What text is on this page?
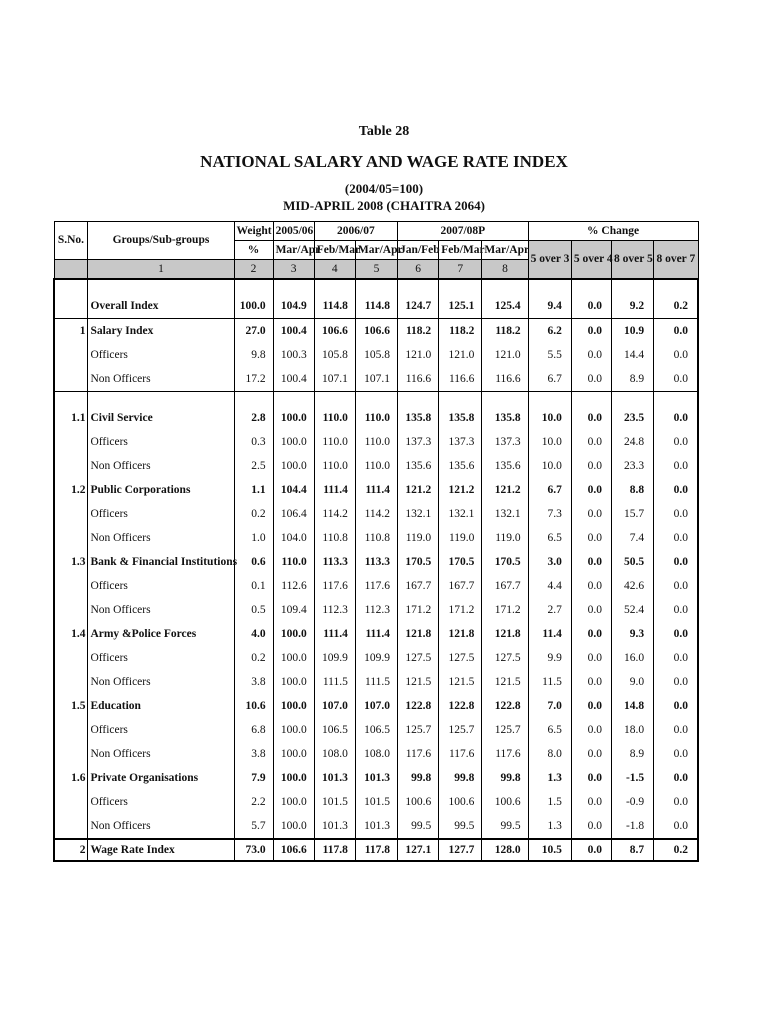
Table 28
NATIONAL SALARY AND WAGE RATE INDEX
(2004/05=100)
MID-APRIL 2008 (CHAITRA 2064)
S.No.	Groups/Sub-groups	Weight	2005/06	2006/07		2007/08P			% Change			
		%	Mar/Apr	Feb/Mar	Mar/Apr	Jan/Feb	Feb/Mar	Mar/Apr	5 over 3	5 over 4	8 over 5	8 over 7
	1	2	3	4	5	6	7	8				

	Overall Index	100.0	104.9	114.8	114.8	124.7	125.1	125.4	9.4	0.0	9.2	0.2
1	Salary Index	27.0	100.4	106.6	106.6	118.2	118.2	118.2	6.2	0.0	10.9	0.0
	Officers	9.8	100.3	105.8	105.8	121.0	121.0	121.0	5.5	0.0	14.4	0.0
	Non Officers	17.2	100.4	107.1	107.1	116.6	116.6	116.6	6.7	0.0	8.9	0.0

1.1	Civil Service	2.8	100.0	110.0	110.0	135.8	135.8	135.8	10.0	0.0	23.5	0.0
	Officers	0.3	100.0	110.0	110.0	137.3	137.3	137.3	10.0	0.0	24.8	0.0
	Non Officers	2.5	100.0	110.0	110.0	135.6	135.6	135.6	10.0	0.0	23.3	0.0
1.2	Public Corporations	1.1	104.4	111.4	111.4	121.2	121.2	121.2	6.7	0.0	8.8	0.0
	Officers	0.2	106.4	114.2	114.2	132.1	132.1	132.1	7.3	0.0	15.7	0.0
	Non Officers	1.0	104.0	110.8	110.8	119.0	119.0	119.0	6.5	0.0	7.4	0.0
1.3	Bank & Financial Institutions	0.6	110.0	113.3	113.3	170.5	170.5	170.5	3.0	0.0	50.5	0.0
	Officers	0.1	112.6	117.6	117.6	167.7	167.7	167.7	4.4	0.0	42.6	0.0
	Non Officers	0.5	109.4	112.3	112.3	171.2	171.2	171.2	2.7	0.0	52.4	0.0
1.4	Army &Police Forces	4.0	100.0	111.4	111.4	121.8	121.8	121.8	11.4	0.0	9.3	0.0
	Officers	0.2	100.0	109.9	109.9	127.5	127.5	127.5	9.9	0.0	16.0	0.0
	Non Officers	3.8	100.0	111.5	111.5	121.5	121.5	121.5	11.5	0.0	9.0	0.0
1.5	Education	10.6	100.0	107.0	107.0	122.8	122.8	122.8	7.0	0.0	14.8	0.0
	Officers	6.8	100.0	106.5	106.5	125.7	125.7	125.7	6.5	0.0	18.0	0.0
	Non Officers	3.8	100.0	108.0	108.0	117.6	117.6	117.6	8.0	0.0	8.9	0.0
1.6	Private Organisations	7.9	100.0	101.3	101.3	99.8	99.8	99.8	1.3	0.0	-1.5	0.0
	Officers	2.2	100.0	101.5	101.5	100.6	100.6	100.6	1.5	0.0	-0.9	0.0
	Non Officers	5.7	100.0	101.3	101.3	99.5	99.5	99.5	1.3	0.0	-1.8	0.0
2	Wage Rate Index	73.0	106.6	117.8	117.8	127.1	127.7	128.0	10.5	0.0	8.7	0.2
